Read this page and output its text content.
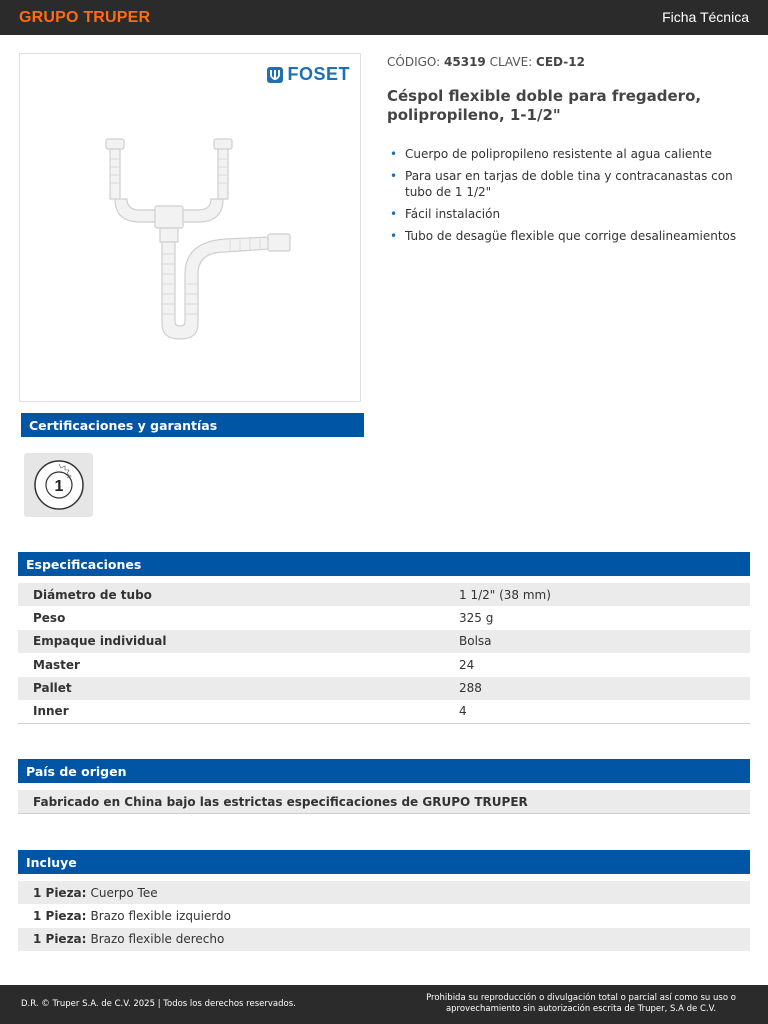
GRUPO TRUPER	Ficha Técnica
FOSET
CÓDIGO: 45319 CLAVE: CED-12
Céspol flexible doble para fregadero, polipropileno, 1-1/2"
• Cuerpo de polipropileno resistente al agua caliente
• Para usar en tarjas de doble tina y contracanastas con tubo de 1 1/2"
• Fácil instalación
• Tubo de desagüe flexible que corrige desalineamientos
Certificaciones y garantías
1
Especificaciones
Diámetro de tubo	1 1/2" (38 mm)
Peso	325 g
Empaque individual	Bolsa
Master	24
Pallet	288
Inner	4
País de origen
Fabricado en China bajo las estrictas especificaciones de GRUPO TRUPER
Incluye
1 Pieza: Cuerpo Tee
1 Pieza: Brazo flexible izquierdo
1 Pieza: Brazo flexible derecho
D.R. © Truper S.A. de C.V. 2025 | Todos los derechos reservados.
Prohibida su reproducción o divulgación total o parcial así como su uso o aprovechamiento sin autorización escrita de Truper, S.A de C.V.
